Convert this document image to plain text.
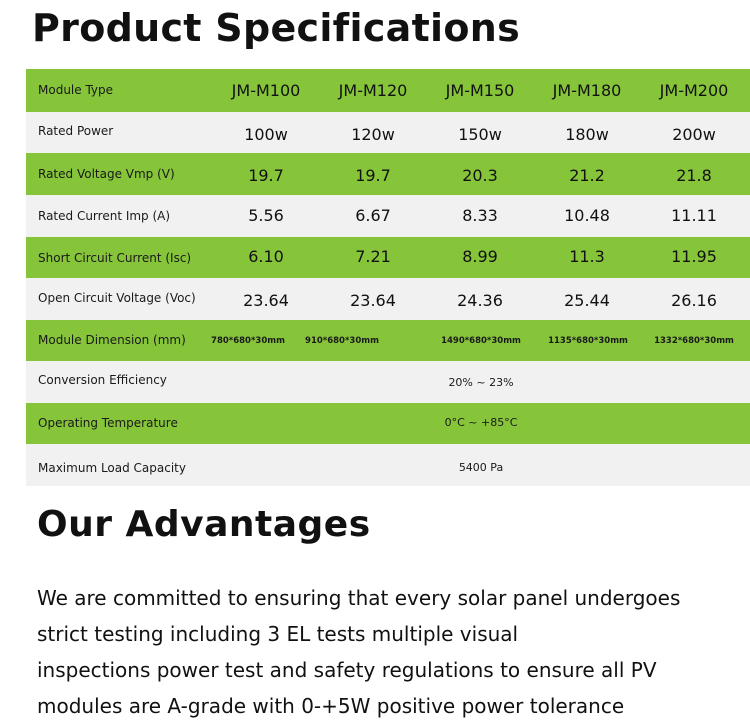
Product Specifications
Module Type	JM-M100	JM-M120	JM-M150	JM-M180	JM-M200
Rated Power	100w	120w	150w	180w	200w
Rated Voltage Vmp (V)	19.7	19.7	20.3	21.2	21.8
Rated Current Imp (A)	5.56	6.67	8.33	10.48	11.11
Short Circuit Current (Isc)	6.10	7.21	8.99	11.3	11.95
Open Circuit Voltage (Voc)	23.64	23.64	24.36	25.44	26.16
Module Dimension (mm)	780*680*30mm	910*680*30mm	1490*680*30mm	1135*680*30mm	1332*680*30mm
Conversion Efficiency	20% ~ 23%
Operating Temperature	0°C ~ +85°C
Maximum Load Capacity	5400 Pa
Our Advantages

We are committed to ensuring that every solar panel undergoes
strict testing including 3 EL tests multiple visual
inspections power test and safety regulations to ensure all PV
modules are A-grade with 0-+5W positive power tolerance
